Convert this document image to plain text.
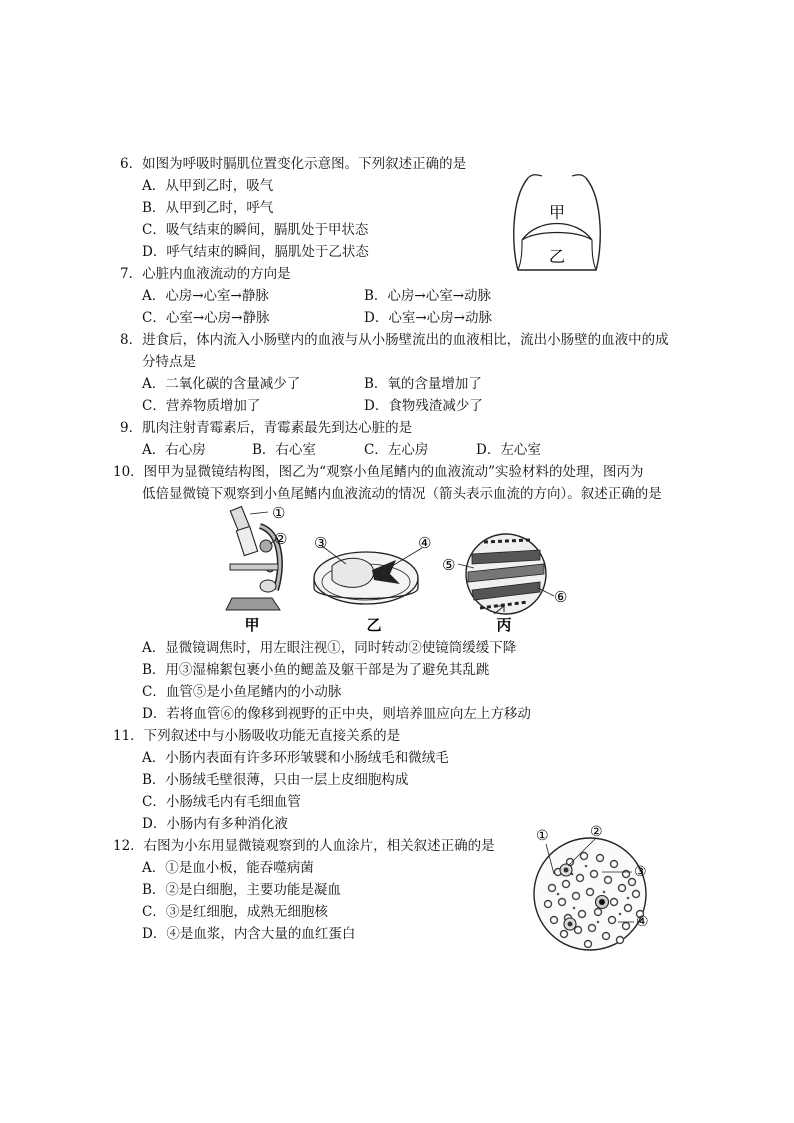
6．如图为呼吸时膈肌位置变化示意图。下列叙述正确的是
A．从甲到乙时，吸气
B．从甲到乙时，呼气
C．吸气结束的瞬间，膈肌处于甲状态
D．呼气结束的瞬间，膈肌处于乙状态
甲
乙
7．心脏内血液流动的方向是
A．心房→心室→静脉	B．心房→心室→动脉
C．心室→心房→静脉	D．心室→心房→动脉
8．进食后，体内流入小肠壁内的血液与从小肠壁流出的血液相比，流出小肠壁的血液中的成
分特点是
A．二氧化碳的含量减少了	B．氧的含量增加了
C．营养物质增加了	D．食物残渣减少了
9．肌肉注射青霉素后，青霉素最先到达心脏的是
A．右心房	B．右心室	C．左心房	D．左心室
10．图甲为显微镜结构图，图乙为“观察小鱼尾鳍内的血液流动”实验材料的处理，图丙为
低倍显微镜下观察到小鱼尾鳍内血液流动的情况（箭头表示血流的方向）。叙述正确的是
①
②
甲
③	④
乙
⑤
⑥
丙
A．显微镜调焦时，用左眼注视①，同时转动②使镜筒缓缓下降
B．用③湿棉絮包裹小鱼的鳃盖及躯干部是为了避免其乱跳
C．血管⑤是小鱼尾鳍内的小动脉
D．若将血管⑥的像移到视野的正中央，则培养皿应向左上方移动
11．下列叙述中与小肠吸收功能无直接关系的是
A．小肠内表面有许多环形皱襞和小肠绒毛和微绒毛
B．小肠绒毛壁很薄，只由一层上皮细胞构成
C．小肠绒毛内有毛细血管
D．小肠内有多种消化液
12．右图为小东用显微镜观察到的人血涂片，相关叙述正确的是
A．①是血小板，能吞噬病菌
B．②是白细胞，主要功能是凝血
C．③是红细胞，成熟无细胞核
D．④是血浆，内含大量的血红蛋白
①	②
③
④
